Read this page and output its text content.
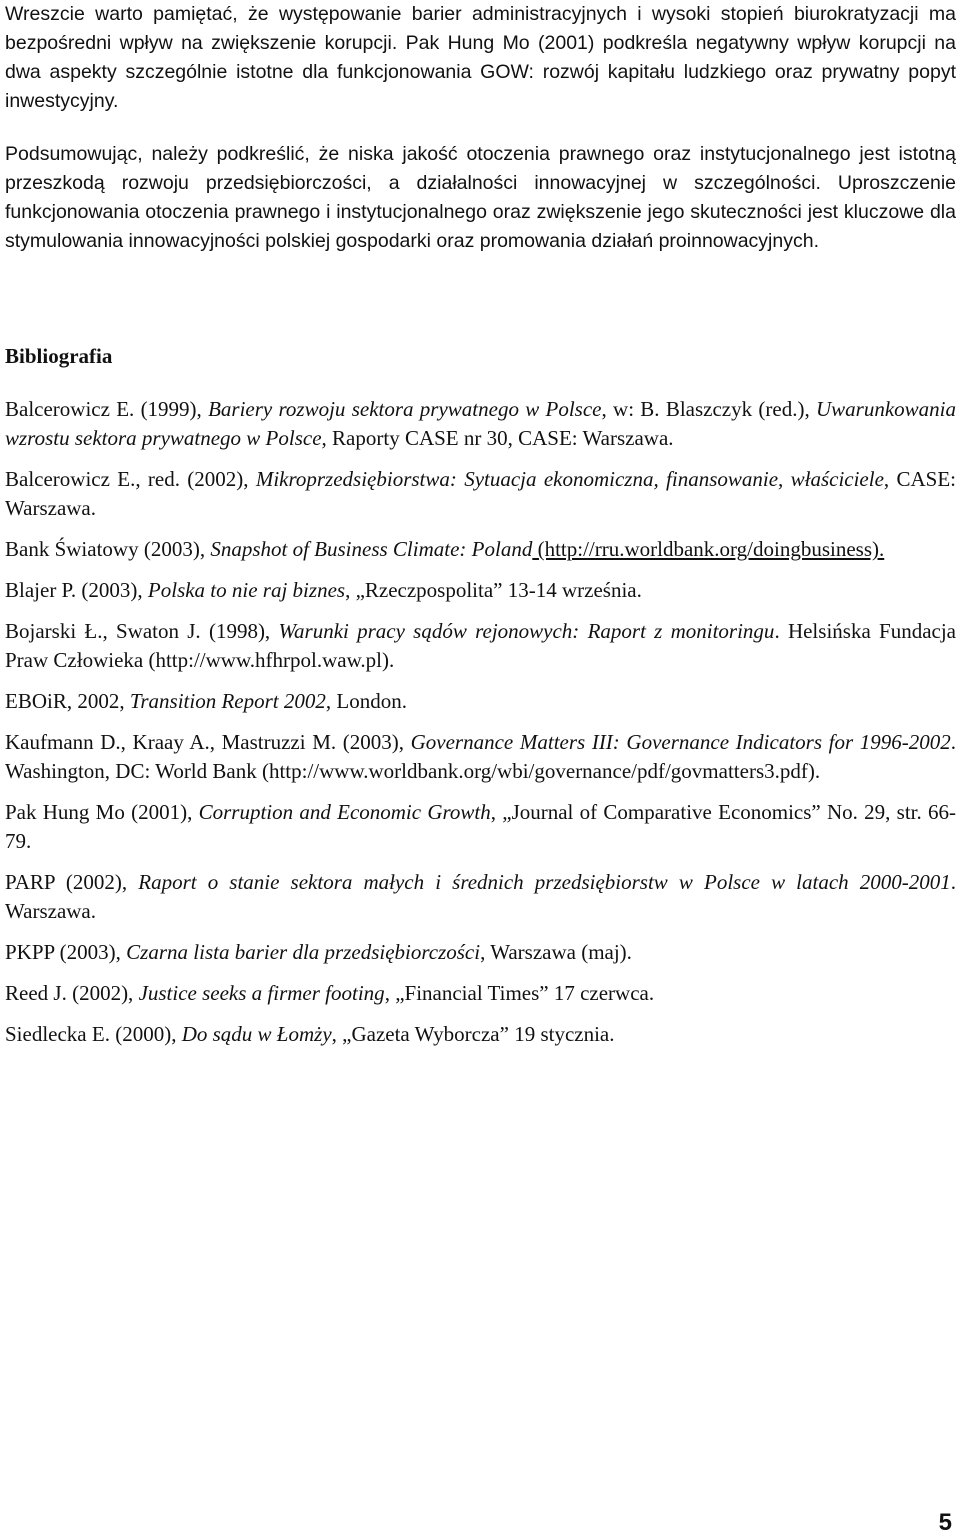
Wreszcie warto pamiętać, że występowanie barier administracyjnych i wysoki stopień biurokratyzacji ma bezpośredni wpływ na zwiększenie korupcji. Pak Hung Mo (2001) podkreśla negatywny wpływ korupcji na dwa aspekty szczególnie istotne dla funkcjonowania GOW: rozwój kapitału ludzkiego oraz prywatny popyt inwestycyjny.

Podsumowując, należy podkreślić, że niska jakość otoczenia prawnego oraz instytucjonalnego jest istotną przeszkodą rozwoju przedsiębiorczości, a działalności innowacyjnej w szczególności. Uproszczenie funkcjonowania otoczenia prawnego i instytucjonalnego oraz zwiększenie jego skuteczności jest kluczowe dla stymulowania innowacyjności polskiej gospodarki oraz promowania działań proinnowacyjnych.

Bibliografia

Balcerowicz E. (1999), Bariery rozwoju sektora prywatnego w Polsce, w: B. Blaszczyk (red.), Uwarunkowania wzrostu sektora prywatnego w Polsce, Raporty CASE nr 30, CASE: Warszawa.

Balcerowicz E., red. (2002), Mikroprzedsiębiorstwa: Sytuacja ekonomiczna, finansowanie, właściciele, CASE: Warszawa.

Bank Światowy (2003), Snapshot of Business Climate: Poland (http://rru.worldbank.org/doingbusiness).

Blajer P. (2003), Polska to nie raj biznes, „Rzeczpospolita” 13-14 września.

Bojarski Ł., Swaton J. (1998), Warunki pracy sądów rejonowych: Raport z monitoringu. Helsińska Fundacja Praw Człowieka (http://www.hfhrpol.waw.pl).

EBOiR, 2002, Transition Report 2002, London.

Kaufmann D., Kraay A., Mastruzzi M. (2003), Governance Matters III: Governance Indicators for 1996-2002. Washington, DC: World Bank (http://www.worldbank.org/wbi/governance/pdf/govmatters3.pdf).

Pak Hung Mo (2001), Corruption and Economic Growth, „Journal of Comparative Economics” No. 29, str. 66-79.

PARP (2002), Raport o stanie sektora małych i średnich przedsiębiorstw w Polsce w latach 2000-2001. Warszawa.

PKPP (2003), Czarna lista barier dla przedsiębiorczości, Warszawa (maj).

Reed J. (2002), Justice seeks a firmer footing, „Financial Times” 17 czerwca.

Siedlecka E. (2000), Do sądu w Łomży, „Gazeta Wyborcza” 19 stycznia.

5
